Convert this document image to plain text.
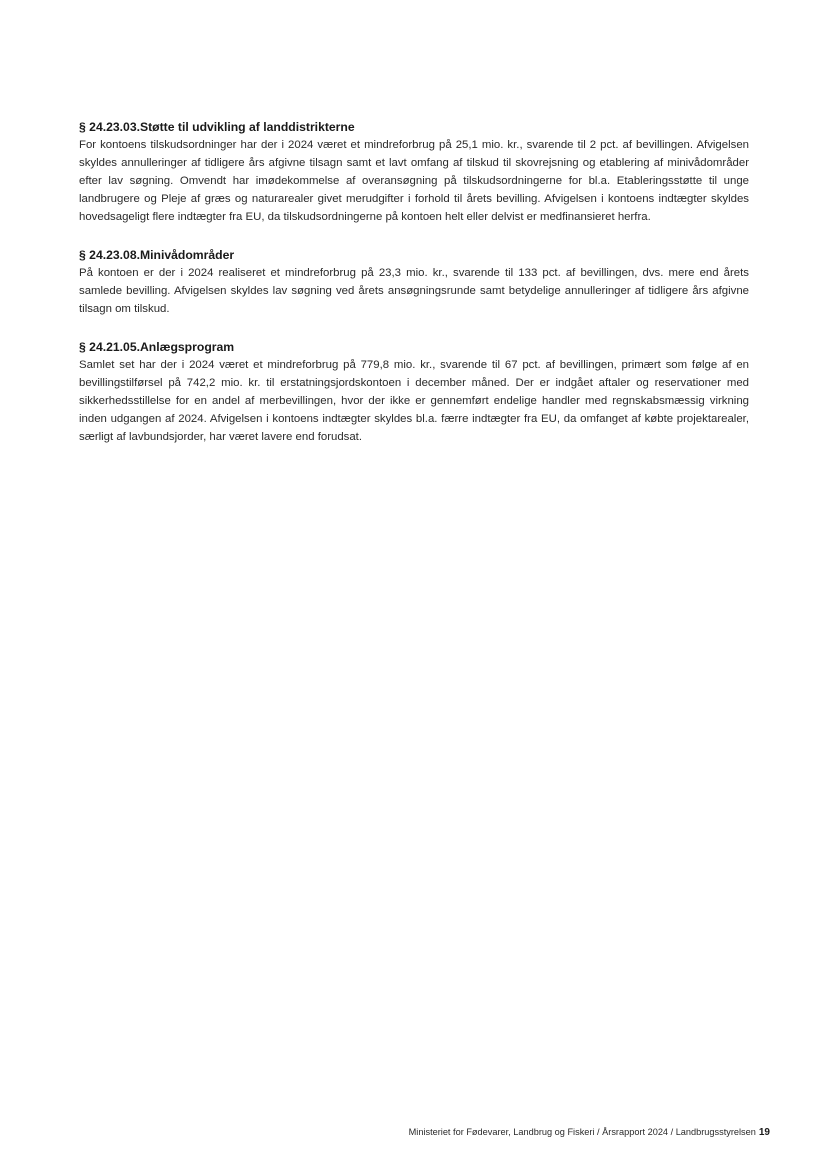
§ 24.23.03.Støtte til udvikling af landdistrikterne

For kontoens tilskudsordninger har der i 2024 været et mindreforbrug på 25,1 mio. kr., svarende til 2 pct. af bevillingen. Afvigelsen skyldes annulleringer af tidligere års afgivne tilsagn samt et lavt omfang af tilskud til skovrejsning og etablering af minivådområder efter lav søgning. Omvendt har imødekommelse af overansøgning på tilskudsordningerne for bl.a. Etableringsstøtte til unge landbrugere og Pleje af græs og naturarealer givet merudgifter i forhold til årets bevilling. Afvigelsen i kontoens indtægter skyldes hovedsageligt flere indtægter fra EU, da tilskudsordningerne på kontoen helt eller delvist er medfinansieret herfra.

§ 24.23.08.Minivådområder

På kontoen er der i 2024 realiseret et mindreforbrug på 23,3 mio. kr., svarende til 133 pct. af bevillingen, dvs. mere end årets samlede bevilling. Afvigelsen skyldes lav søgning ved årets ansøgningsrunde samt betydelige annulleringer af tidligere års afgivne tilsagn om tilskud.

§ 24.21.05.Anlægsprogram

Samlet set har der i 2024 været et mindreforbrug på 779,8 mio. kr., svarende til 67 pct. af bevillingen, primært som følge af en bevillingstilførsel på 742,2 mio. kr. til erstatningsjordskontoen i december måned. Der er indgået aftaler og reservationer med sikkerhedsstillelse for en andel af merbevillingen, hvor der ikke er gennemført endelige handler med regnskabsmæssig virkning inden udgangen af 2024. Afvigelsen i kontoens indtægter skyldes bl.a. færre indtægter fra EU, da omfanget af købte projektarealer, særligt af lavbundsjorder, har været lavere end forudsat.

Ministeriet for Fødevarer, Landbrug og Fiskeri / Årsrapport 2024 / Landbrugsstyrelsen 19
